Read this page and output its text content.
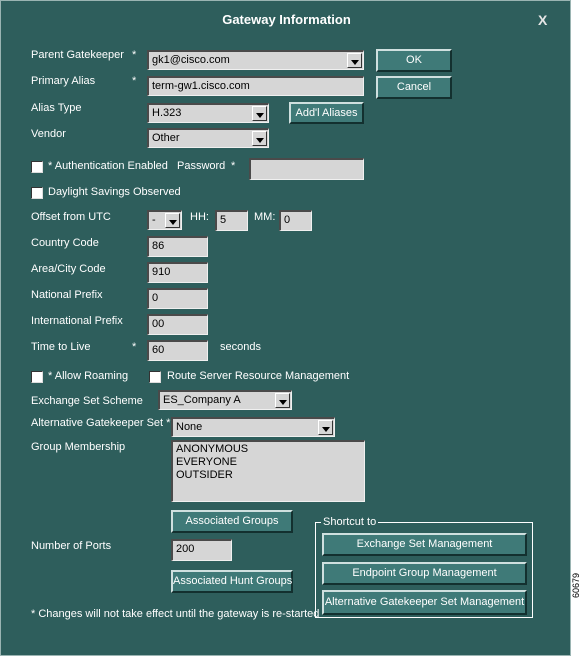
Gateway Information	X
Parent Gatekeeper *	gk1@cisco.com
Primary Alias	*	term-gw1.cisco.com
Alias Type	H.323
Vendor	Other
OK
Cancel
Add'l Aliases
* Authentication Enabled Password *
Daylight Savings Observed
Offset from UTC	-	HH:	5	MM: 0
Country Code	86
Area/City Code	910
National Prefix	0
International Prefix	00
Time to Live	*	60	seconds
* Allow Roaming	Route Server Resource Management
Exchange Set Scheme	ES_Company A
Alternative Gatekeeper Set * None
Group Membership	ANONYMOUS
EVERYONE
OUTSIDER
Associated Groups
Number of Ports	200
Associated Hunt Groups
Shortcut to
Exchange Set Management
Endpoint Group Management
Alternative Gatekeeper Set Management
* Changes will not take effect until the gateway is re-started
60679
